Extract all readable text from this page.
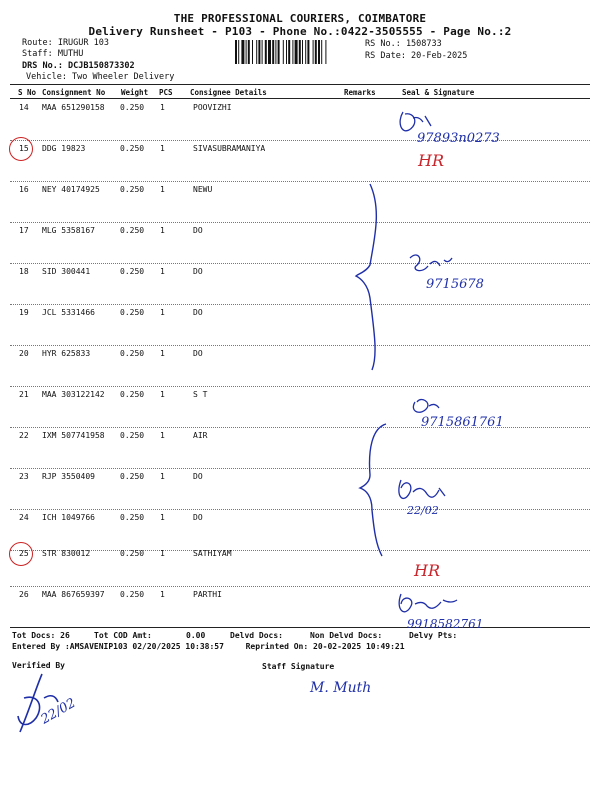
THE PROFESSIONAL COURIERS, COIMBATORE
Delivery Runsheet - P103 - Phone No.:0422-3505555 - Page No.:2
Route: IRUGUR 103
Staff: MUTHU
DRS No.: DCJB150873302
Vehicle: Two Wheeler Delivery
RS No.: 1508733
RS Date: 20-Feb-2025
S No Consignment No Weight PCS Consignee Details	Remarks	Seal & Signature
14 MAA 651290158 0.250 1	POOVIZHI
15 DDG 19823	0.250 1	SIVASUBRAMANIYA
16 NEY 40174925	0.250 1	NEWU
17 MLG 5358167	0.250 1	DO
18 SID 300441	0.250 1	DO
19 JCL 5331466	0.250 1	DO
20 HYR 625833	0.250 1	DO
21 MAA 303122142 0.250 1	S T
22 IXM 507741958 0.250 1	AIR
23 RJP 3550409	0.250 1	DO
24 ICH 1049766	0.250 1	DO
25 STR 830012	0.250 1	SATHIYAM
26 MAA 867659397 0.250 1	PARTHI
Tot Docs: 26	Tot COD Amt:	0.00	Delvd Docs:	Non Delvd Docs:	Delvy Pts:
Entered By :AMSAVENIP103 02/20/2025 10:38:57	Reprinted On: 20-02-2025 10:49:21
Verified By	Staff Signature
97893n0273
HR
9715678
9715861761
22/02
HR
9918582761
22/02
M. Muth
